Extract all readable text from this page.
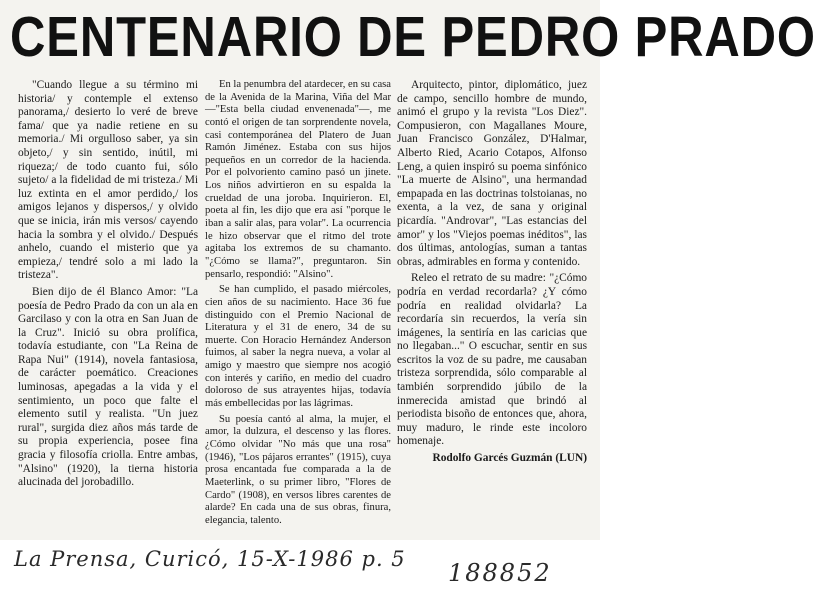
CENTENARIO DE PEDRO PRADO

"Cuando llegue a su término mi historia/ y contemple el extenso panorama,/ desierto lo veré de breve fama/ que ya nadie retiene en su memoria./ Mi orgulloso saber, ya sin objeto,/ y sin sentido, inútil, mi riqueza;/ de todo cuanto fui, sólo sujeto/ a la fidelidad de mi tristeza./ Mi luz extinta en el amor perdido,/ los amigos lejanos y dispersos,/ y olvido que se inicia, irán mis versos/ cayendo hacia la sombra y el olvido./ Después anhelo, cuando el misterio que ya empieza,/ tendré solo a mi lado la tristeza".

Bien dijo de él Blanco Amor: "La poesía de Pedro Prado da con un ala en Garcilaso y con la otra en San Juan de la Cruz". Inició su obra prolífica, todavía estudiante, con "La Reina de Rapa Nui" (1914), novela fantasiosa, de carácter poemático. Creaciones luminosas, apegadas a la vida y el sentimiento, un poco que falte el elemento sutil y realista. "Un juez rural", surgida diez años más tarde de su propia experiencia, posee fina gracia y filosofía criolla. Entre ambas, "Alsino" (1920), la tierna historia alucinada del jorobadillo.

En la penumbra del atardecer, en su casa de la Avenida de la Marina, Viña del Mar —"Esta bella ciudad envenenada"—, me contó el origen de tan sorprendente novela, casi contemporánea del Platero de Juan Ramón Jiménez. Estaba con sus hijos pequeños en un corredor de la hacienda. Por el polvoriento camino pasó un jinete. Los niños advirtieron en su espalda la crueldad de una joroba. Inquirieron. El, poeta al fin, les dijo que era así "porque le iban a salir alas, para volar". La ocurrencia le hizo observar que el ritmo del trote agitaba los extremos de su chamanto. "¿Cómo se llama?", preguntaron. Sin pensarlo, respondió: "Alsino".

Se han cumplido, el pasado miércoles, cien años de su nacimiento. Hace 36 fue distinguido con el Premio Nacional de Literatura y el 31 de enero, 34 de su muerte. Con Horacio Hernández Anderson fuimos, al saber la negra nueva, a volar al amigo y maestro que siempre nos acogió con interés y cariño, en medio del cuadro doloroso de sus atrayentes hijas, todavía más embellecidas por las lágrimas.

Su poesía cantó al alma, la mujer, el amor, la dulzura, el descenso y las flores. ¿Cómo olvidar "No más que una rosa" (1946), "Los pájaros errantes" (1915), cuya prosa encantada fue comparada a la de Maeterlink, o su primer libro, "Flores de Cardo" (1908), en versos libres carentes de alarde? En cada una de sus obras, finura, elegancia, talento.

Arquitecto, pintor, diplomático, juez de campo, sencillo hombre de mundo, animó el grupo y la revista "Los Diez". Compusieron, con Magallanes Moure, Juan Francisco González, D'Halmar, Alberto Ried, Acario Cotapos, Alfonso Leng, a quien inspiró su poema sinfónico "La muerte de Alsino", una hermandad empapada en las doctrinas tolstoianas, no exenta, a la vez, de sana y original picardía. "Androvar", "Las estancias del amor" y los "Viejos poemas inéditos", las dos últimas, antologías, suman a tantas obras, admirables en forma y contenido.

Releo el retrato de su madre: "¿Cómo podría en verdad recordarla? ¿Y cómo podría en realidad olvidarla? La recordaría sin recuerdos, la vería sin imágenes, la sentiría en las caricias que no llegaban..." O escuchar, sentir en sus escritos la voz de su padre, me causaban tristeza sorprendida, sólo comparable al también sorprendido júbilo de la inmerecida amistad que brindó al periodista bisoño de entonces que, ahora, muy maduro, le rinde este incoloro homenaje.

Rodolfo Garcés Guzmán (LUN)

La Prensa, Curicó, 15-X-1986 p. 5 188852
